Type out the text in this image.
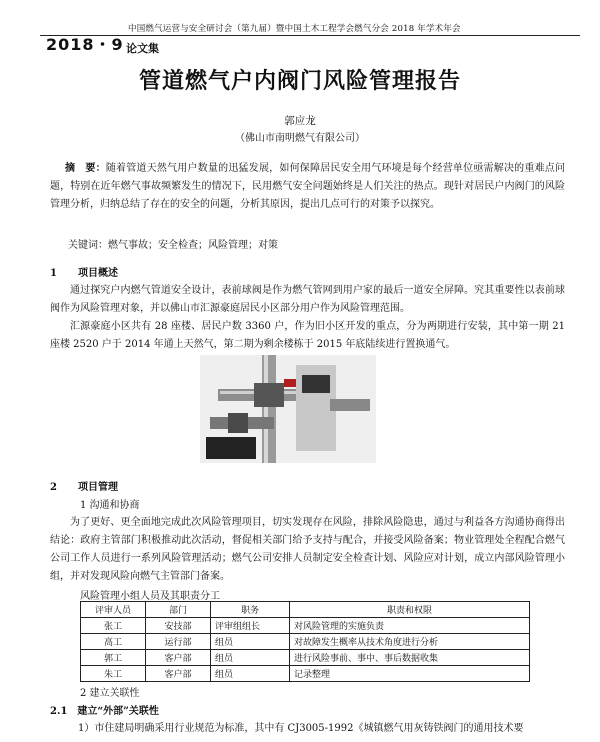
中国燃气运营与安全研讨会（第九届）暨中国土木工程学会燃气分会 2018 年学术年会
2018・9 论文集
管道燃气户内阀门风险管理报告
郭应龙
（佛山市南明燃气有限公司）
摘　要：随着管道天然气用户数量的迅猛发展，如何保障居民安全用气环境是每个经营单位亟需解决的重难点问题，特别在近年燃气事故频繁发生的情况下，民用燃气安全问题始终是人们关注的热点。现针对居民户内阀门的风险管理分析，归纳总结了存在的安全的问题，分析其原因，提出几点可行的对策予以探究。
关键词：燃气事故；安全检查；风险管理；对策
1 项目概述
通过探究户内燃气管道安全设计，表前球阀是作为燃气管网到用户家的最后一道安全屏障。究其重要性以表前球阀作为风险管理对象，并以佛山市汇源豪庭居民小区部分用户作为风险管理范围。
汇源豪庭小区共有 28 座楼、居民户数 3360 户，作为旧小区开发的重点，分为两期进行安装，其中第一期 21 座楼 2520 户于 2014 年通上天然气，第二期为剩余楼栋于 2015 年底陆续进行置换通气。
2 项目管理
1 沟通和协商
为了更好、更全面地完成此次风险管理项目，切实发现存在风险，排除风险隐患，通过与利益各方沟通协商得出结论：政府主管部门积极推动此次活动，督促相关部门给予支持与配合，并接受风险备案；物业管理处全程配合燃气公司工作人员进行一系列风险管理活动；燃气公司安排人员制定安全检查计划、风险应对计划，成立内部风险管理小组，并对发现风险向燃气主管部门备案。
风险管理小组人员及其职责分工
评审人员	部门	职务	职责和权限
张工	安技部	评审组组长	对风险管理的实施负责
高工	运行部	组员	对故障发生概率从技术角度进行分析
郭工	客户部	组员	进行风险事前、事中、事后数据收集
朱工	客户部	组员	记录整理
2 建立关联性
2.1　建立“外部”关联性
1）市住建局明确采用行业规范为标准，其中有 CJ3005-1992《城镇燃气用灰铸铁阀门的通用技术要
